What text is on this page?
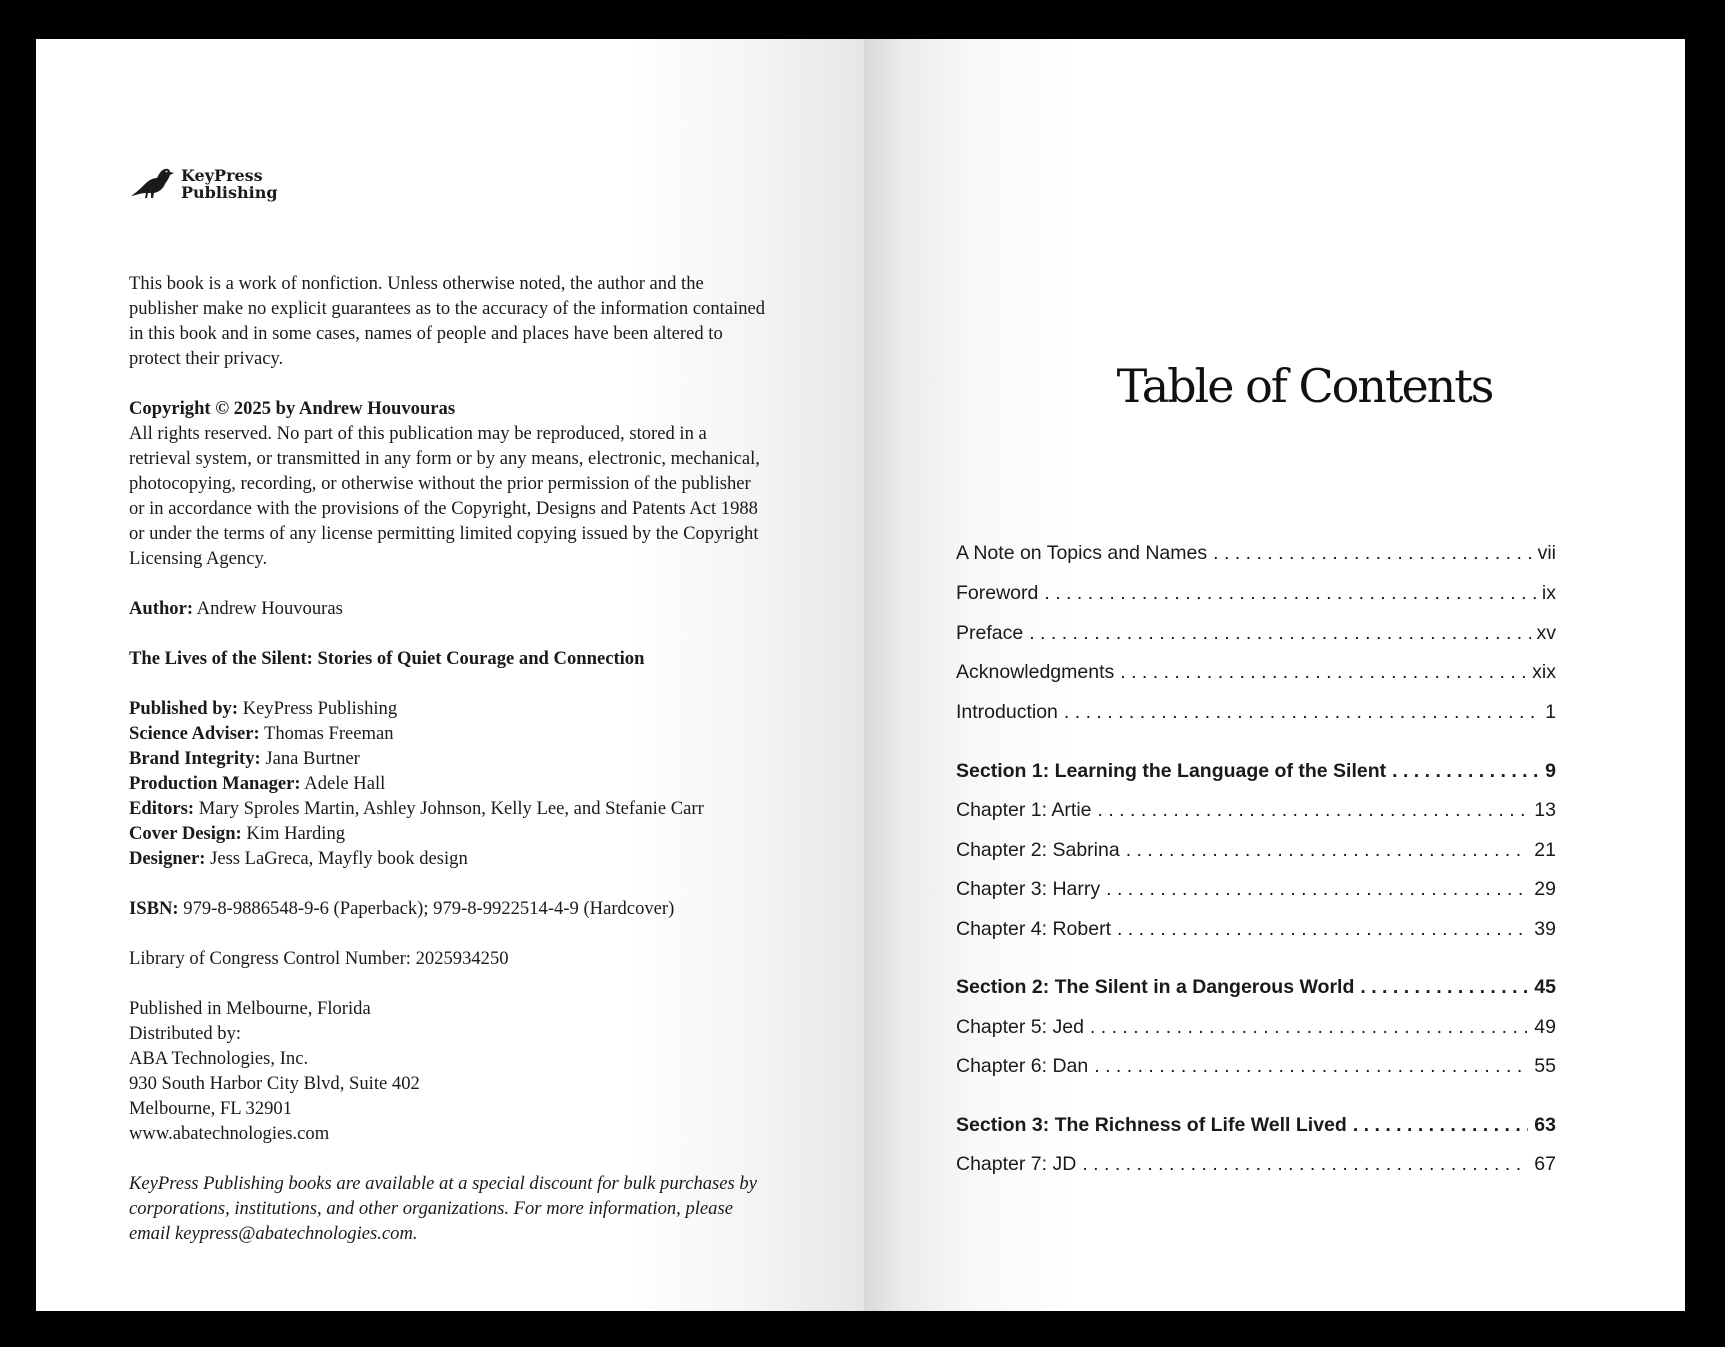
KeyPress
Publishing

This book is a work of nonfiction. Unless otherwise noted, the author and the publisher make no explicit guarantees as to the accuracy of the information contained in this book and in some cases, names of people and places have been altered to protect their privacy.

Copyright © 2025 by Andrew Houvouras
All rights reserved. No part of this publication may be reproduced, stored in a retrieval system, or transmitted in any form or by any means, electronic, mechanical, photocopying, recording, or otherwise without the prior permission of the publisher or in accordance with the provisions of the Copyright, Designs and Patents Act 1988 or under the terms of any license permitting limited copying issued by the Copyright Licensing Agency.

Author: Andrew Houvouras

The Lives of the Silent: Stories of Quiet Courage and Connection

Published by: KeyPress Publishing
Science Adviser: Thomas Freeman
Brand Integrity: Jana Burtner
Production Manager: Adele Hall
Editors: Mary Sproles Martin, Ashley Johnson, Kelly Lee, and Stefanie Carr
Cover Design: Kim Harding
Designer: Jess LaGreca, Mayfly book design

ISBN: 979-8-9886548-9-6 (Paperback); 979-8-9922514-4-9 (Hardcover)

Library of Congress Control Number: 2025934250

Published in Melbourne, Florida
Distributed by:
ABA Technologies, Inc.
930 South Harbor City Blvd, Suite 402
Melbourne, FL 32901
www.abatechnologies.com

KeyPress Publishing books are available at a special discount for bulk purchases by corporations, institutions, and other organizations. For more information, please email keypress@abatechnologies.com.

Table of Contents
A Note on Topics and Names . . .	vii
Foreword . . .	ix
Preface . . .	xv
Acknowledgments . . .	xix
Introduction . . .	1
Section 1: Learning the Language of the Silent . . .	9
Chapter 1: Artie . . .	13
Chapter 2: Sabrina . . .	21
Chapter 3: Harry . . .	29
Chapter 4: Robert . . .	39
Section 2: The Silent in a Dangerous World . . .	45
Chapter 5: Jed . . .	49
Chapter 6: Dan . . .	55
Section 3: The Richness of Life Well Lived . . .	63
Chapter 7: JD . . .	67
